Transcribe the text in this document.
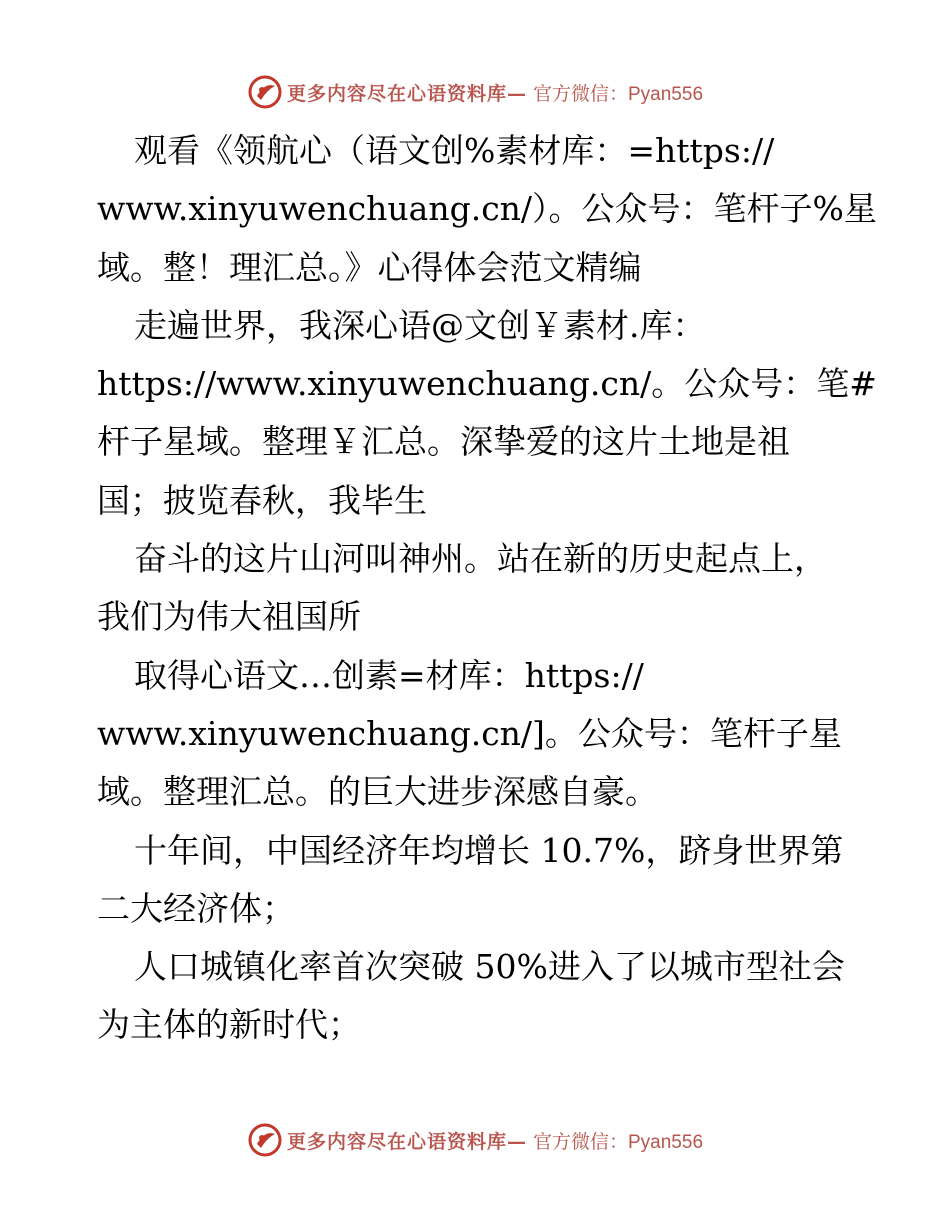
更多内容尽在心语资料库— 官方微信：Pyan556

观看《领航心（语文创%素材库：=https://
www.xinyuwenchuang.cn/）。公众号：笔杆子%星
域。整！理汇总。》心得体会范文精编

走遍世界，我深心语@文创￥素材.库：
https://www.xinyuwenchuang.cn/。公众号：笔#
杆子星域。整理￥汇总。深挚爱的这片土地是祖
国；披览春秋，我毕生

奋斗的这片山河叫神州。站在新的历史起点上，
我们为伟大祖国所

取得心语文…创素=材库：https://
www.xinyuwenchuang.cn/]。公众号：笔杆子星
域。整理汇总。的巨大进步深感自豪。

十年间，中国经济年均增长 10.7%，跻身世界第
二大经济体；

人口城镇化率首次突破 50%进入了以城市型社会
为主体的新时代；

更多内容尽在心语资料库— 官方微信：Pyan556
